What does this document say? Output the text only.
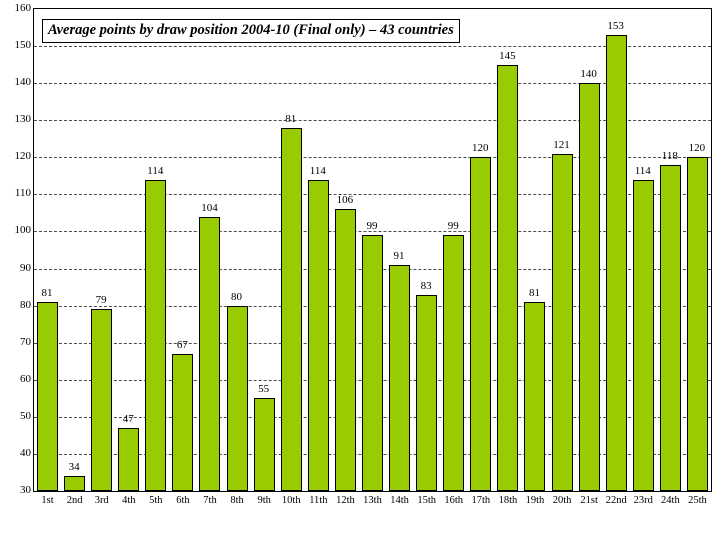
30
40
50
60
70
80
90
100
110
120
130
140
150
160
81
34
79
47
114
67
104
80
55
81
114
106
99
91
83
99
120
145
81
121
140
153
114
118
120
1st	2nd	3rd	4th	5th	6th	7th	8th	9th	10th 11th 12th 13th 14th 15th 16th 17th 18th 19th 20th 21st 22nd 23rd 24th 25th
Average points by draw position 2004-10 (Final only) – 43 countries
